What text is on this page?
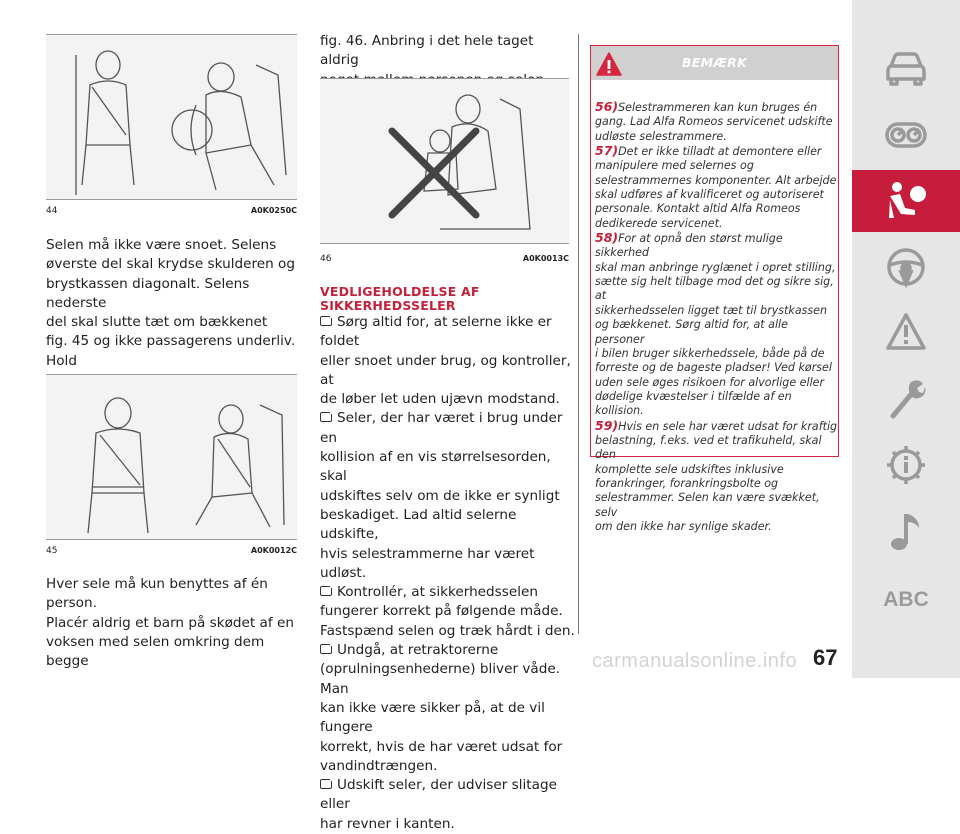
44	A0K0250C

Selen må ikke være snoet. Selens

øverste del skal krydse skulderen og

brystkassen diagonalt. Selens nederste

del skal slutte tæt om bækkenet

fig. 45 og ikke passagerens underliv. Hold

45	A0K0012C

Hver sele må kun benyttes af én person.

Placér aldrig et barn på skødet af en

voksen med selen omkring dem begge

fig. 46. Anbring i det hele taget aldrig

46	A0K0013C
VEDLIGEHOLDELSE AF
SIKKERHEDSSELER
Sørg altid for, at selerne ikke er foldet
eller snoet under brug, og kontroller, at
de løber let uden ujævn modstand.
Seler, der har været i brug under en
kollision af en vis størrelsesorden, skal
udskiftes selv om de ikke er synligt
beskadiget. Lad altid selerne udskifte,
hvis selestrammerne har været udløst.
Kontrollér, at sikkerhedsselen
fungerer korrekt på følgende måde.
Fastspænd selen og træk hårdt i den.
Undgå, at retraktorerne
(oprulningsenhederne) bliver våde. Man
kan ikke være sikker på, at de vil fungere
korrekt, hvis de har været udsat for
vandindtrængen.
Udskift seler, der udviser slitage eller
har revner i kanten.
BEMÆRK
56)Selestrammeren kan kun bruges én
gang. Lad Alfa Romeos servicenet udskifte
udløste selestrammere.
57)Det er ikke tilladt at demontere eller
manipulere med selernes og
selestrammernes komponenter. Alt arbejde
skal udføres af kvalificeret og autoriseret
personale. Kontakt altid Alfa Romeos
dedikerede servicenet.
58)For at opnå den størst mulige sikkerhed
skal man anbringe ryglænet i opret stilling,
sætte sig helt tilbage mod det og sikre sig, at
sikkerhedsselen ligget tæt til brystkassen
og bækkenet. Sørg altid for, at alle personer
i bilen bruger sikkerhedssele, både på de
forreste og de bageste pladser! Ved kørsel
uden sele øges risikoen for alvorlige eller
dødelige kvæstelser i tilfælde af en kollision.
59)Hvis en sele har været udsat for kraftig
belastning, f.eks. ved et trafikuheld, skal den
komplette sele udskiftes inklusive
forankringer, forankringsbolte og
selestrammer. Selen kan være svækket, selv
om den ikke har synlige skader.
ABC
67
carmanualsonline.info
